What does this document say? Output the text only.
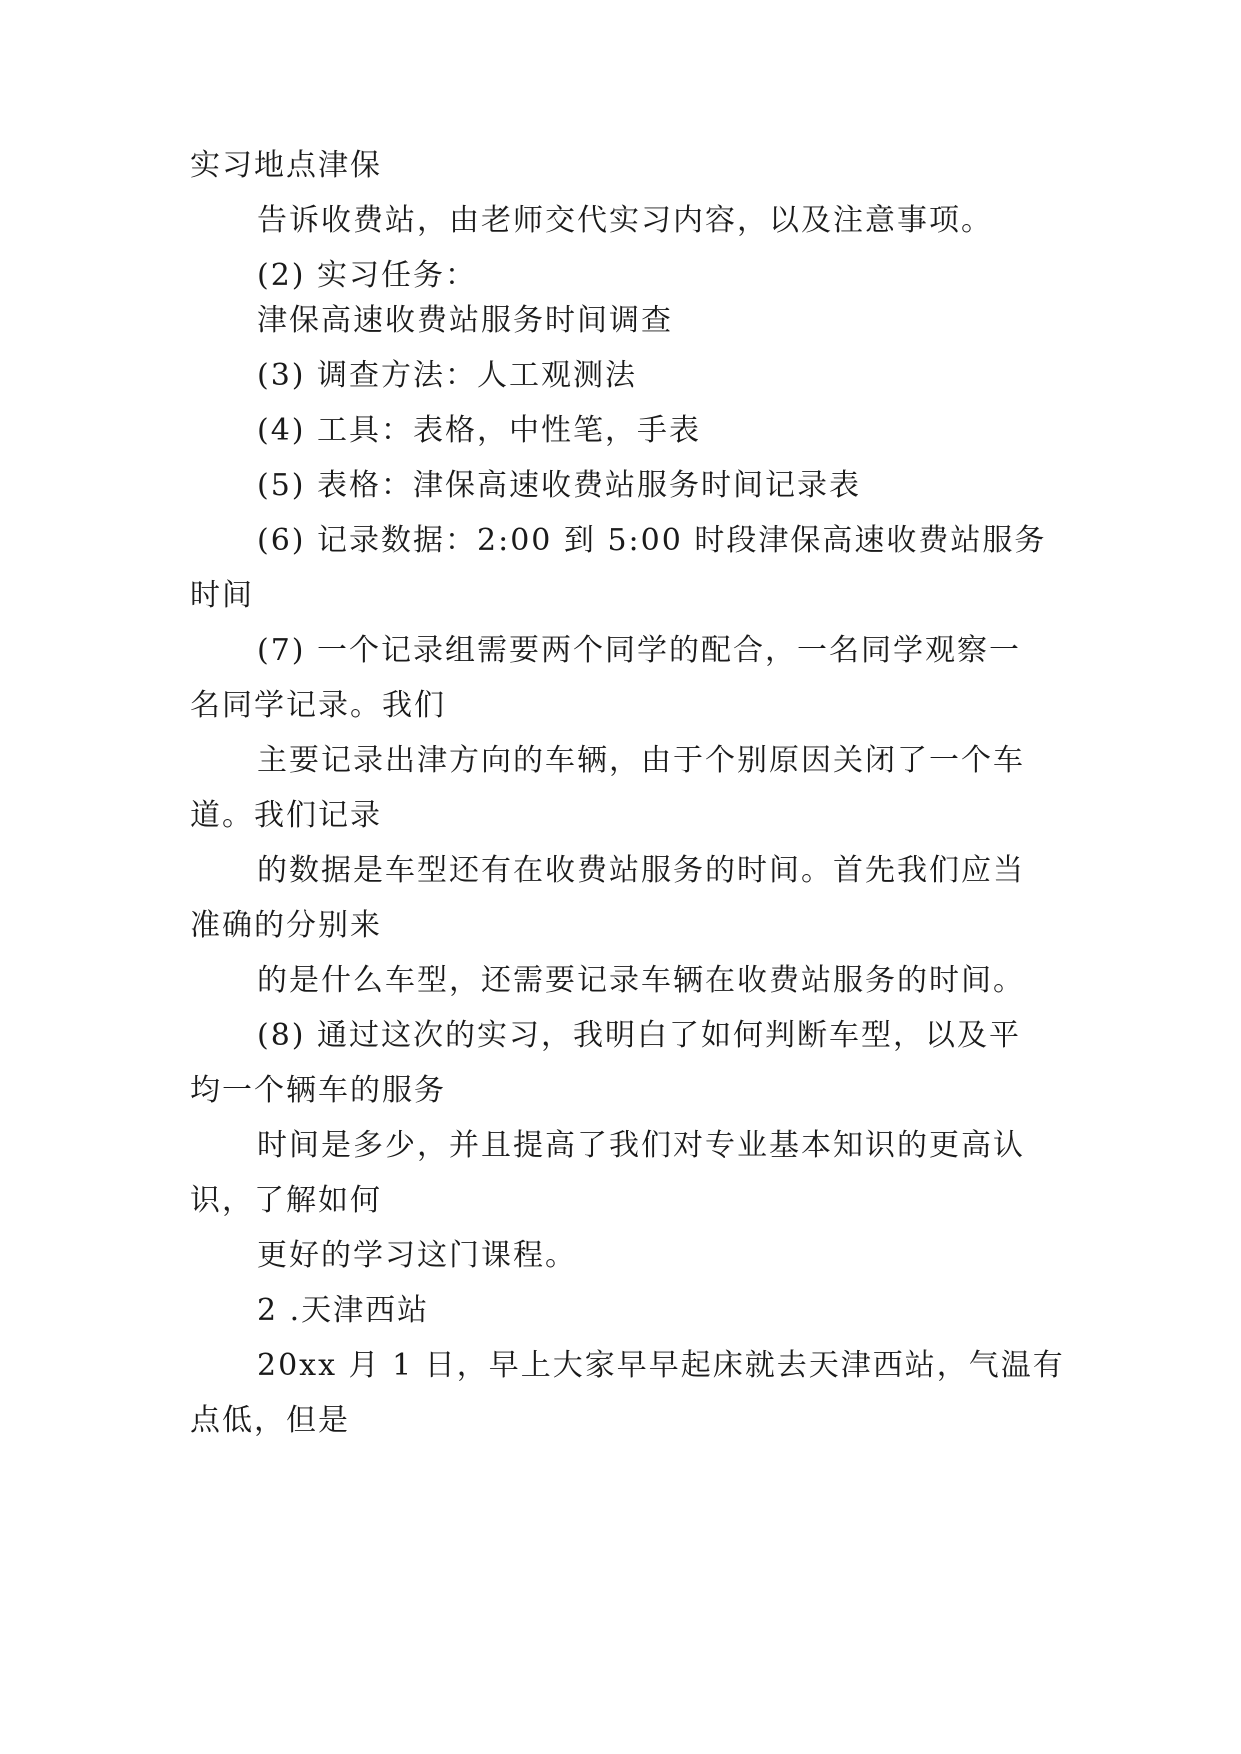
实习地点津保
告诉收费站，由老师交代实习内容，以及注意事项。
(2) 实习任务：
津保高速收费站服务时间调查
(3) 调查方法：人工观测法
(4) 工具：表格，中性笔，手表
(5) 表格：津保高速收费站服务时间记录表
(6) 记录数据：2:00 到 5:00 时段津保高速收费站服务
时间
(7) 一个记录组需要两个同学的配合，一名同学观察一
名同学记录。我们
主要记录出津方向的车辆，由于个别原因关闭了一个车
道。我们记录
的数据是车型还有在收费站服务的时间。首先我们应当
准确的分别来
的是什么车型，还需要记录车辆在收费站服务的时间。
(8) 通过这次的实习，我明白了如何判断车型，以及平
均一个辆车的服务
时间是多少，并且提高了我们对专业基本知识的更高认
识，了解如何
更好的学习这门课程。
2 .天津西站
20xx 月 1 日，早上大家早早起床就去天津西站，气温有
点低，但是
